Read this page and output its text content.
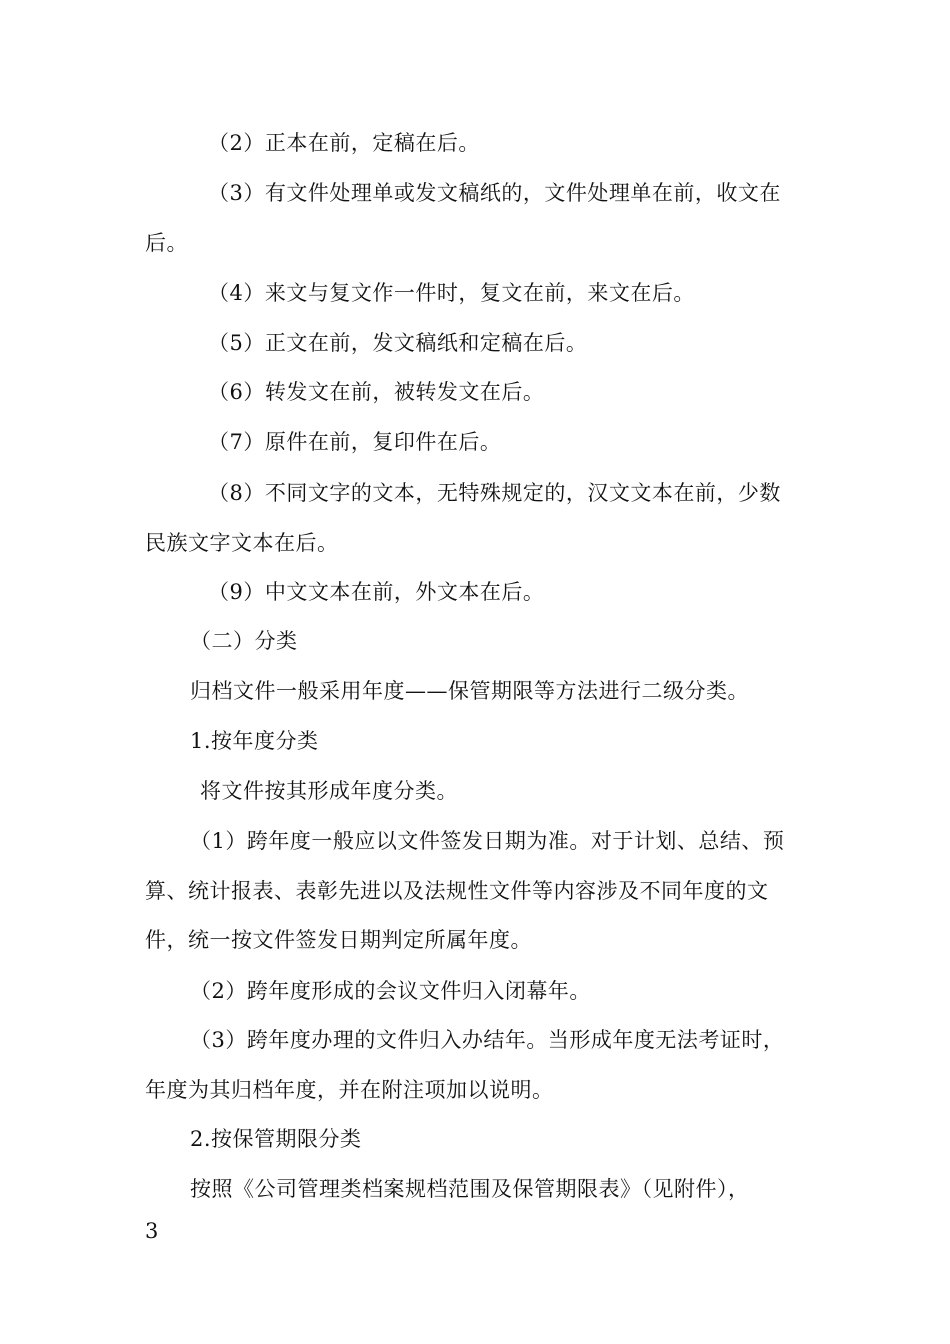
（2）正本在前，定稿在后。
（3）有文件处理单或发文稿纸的，文件处理单在前，收文在
后。
（4）来文与复文作一件时，复文在前，来文在后。
（5）正文在前，发文稿纸和定稿在后。
（6）转发文在前，被转发文在后。
（7）原件在前，复印件在后。
（8）不同文字的文本，无特殊规定的，汉文文本在前，少数
民族文字文本在后。
（9）中文文本在前，外文本在后。
（二）分类
归档文件一般采用年度——保管期限等方法进行二级分类。
1.按年度分类
将文件按其形成年度分类。
（1）跨年度一般应以文件签发日期为准。对于计划、总结、预
算、统计报表、表彰先进以及法规性文件等内容涉及不同年度的文
件，统一按文件签发日期判定所属年度。
（2）跨年度形成的会议文件归入闭幕年。
（3）跨年度办理的文件归入办结年。当形成年度无法考证时，
年度为其归档年度，并在附注项加以说明。
2.按保管期限分类
按照《公司管理类档案规档范围及保管期限表》（见附件），
3
